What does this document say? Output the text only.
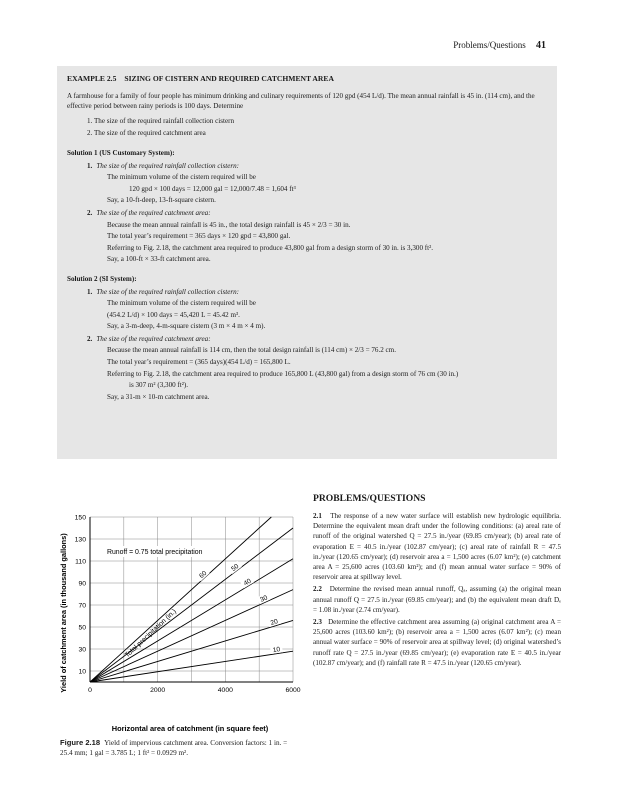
Problems/Questions 41
EXAMPLE 2.5 SIZING OF CISTERN AND REQUIRED CATCHMENT AREA

A farmhouse for a family of four people has minimum drinking and culinary requirements of 120 gpd (454 L/d). The mean annual rainfall is 45 in. (114 cm), and the effective period between rainy periods is 100 days. Determine

1. The size of the required rainfall collection cistern
2. The size of the required catchment area
Solution 1 (US Customary System):
1. The size of the required rainfall collection cistern:
The minimum volume of the cistern required will be
120 gpd × 100 days = 12,000 gal = 12,000/7.48 = 1,604 ft³
Say, a 10-ft-deep, 13-ft-square cistern.
2. The size of the required catchment area:
Because the mean annual rainfall is 45 in., the total design rainfall is 45 × 2/3 = 30 in.
The total year’s requirement = 365 days × 120 gpd = 43,800 gal.
Referring to Fig. 2.18, the catchment area required to produce 43,800 gal from a design storm of 30 in. is 3,300 ft².
Say, a 100-ft × 33-ft catchment area.
Solution 2 (SI System):
1. The size of the required rainfall collection cistern:
The minimum volume of the cistern required will be
(454.2 L/d) × 100 days = 45,420 L = 45.42 m³.
Say, a 3-m-deep, 4-m-square cistern (3 m × 4 m × 4 m).
2. The size of the required catchment area:
Because the mean annual rainfall is 114 cm, then the total design rainfall is (114 cm) × 2/3 = 76.2 cm.
The total year’s requirement = (365 days)(454 L/d) = 165,800 L.
Referring to Fig. 2.18, the catchment area required to produce 165,800 L (43,800 gal) from a design storm of 76 cm (30 in.)
is 307 m² (3,300 ft²).
Say, a 31-m × 10-m catchment area.
10
30
50
70
90
110
130
150
0	2000	4000	6000
10
20
30
40
50
60
Yield of catchment area (in thousand gallons)
Horizontal area of catchment (in square feet)
Runoff = 0.75 total precipitation
Total precipitation (in.)
Figure 2.18 Yield of impervious catchment area. Conversion factors: 1 in. = 25.4 mm; 1 gal = 3.785 L; 1 ft² = 0.0929 m².
PROBLEMS/QUESTIONS

2.1 The response of a new water surface will establish new hydrologic equilibria. Determine the equivalent mean draft under the following conditions: (a) areal rate of runoff of the original watershed Q = 27.5 in./year (69.85 cm/year); (b) areal rate of evaporation E = 40.5 in./year (102.87 cm/year); (c) areal rate of rainfall R = 47.5 in./year (120.65 cm/year); (d) reservoir area a = 1,500 acres (6.07 km²); (e) catchment area A = 25,600 acres (103.60 km²); and (f) mean annual water surface = 90% of reservoir area at spillway level.

2.2 Determine the revised mean annual runoff, Qₐ, assuming (a) the original mean annual runoff Q = 27.5 in./year (69.85 cm/year); and (b) the equivalent mean draft Dₑ = 1.08 in./year (2.74 cm/year).

2.3 Determine the effective catchment area assuming (a) original catchment area A = 25,600 acres (103.60 km²); (b) reservoir area a = 1,500 acres (6.07 km²); (c) mean annual water surface = 90% of reservoir area at spillway level; (d) original watershed’s runoff rate Q = 27.5 in./year (69.85 cm/year); (e) evaporation rate E = 40.5 in./year (102.87 cm/year); and (f) rainfall rate R = 47.5 in./year (120.65 cm/year).
